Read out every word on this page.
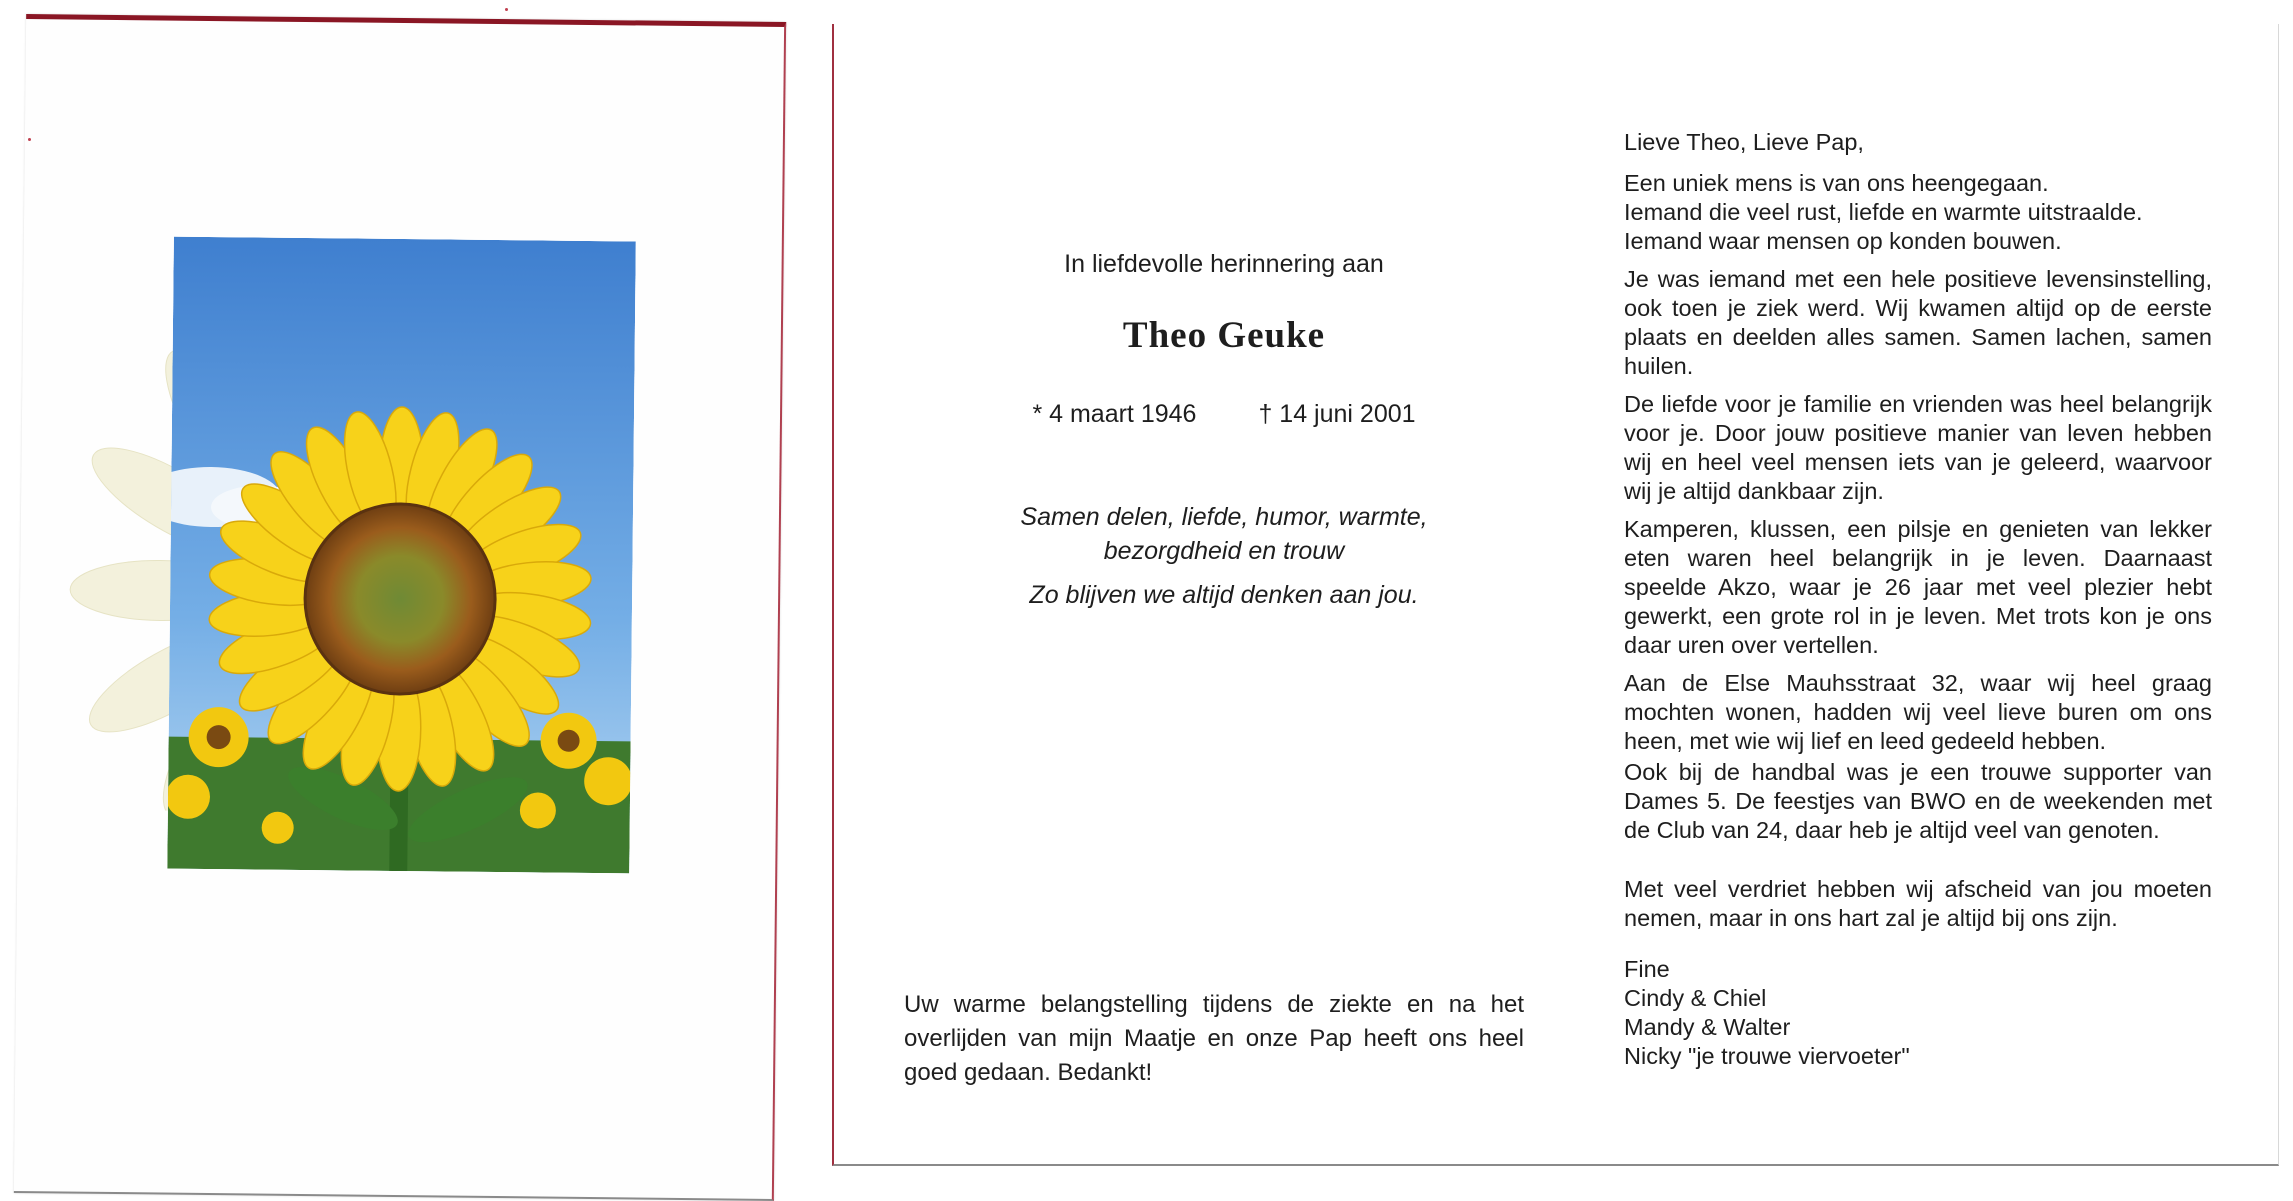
In liefdevolle herinnering aan
Theo Geuke
* 4 maart 1946 † 14 juni 2001

Samen delen, liefde, humor, warmte,

bezorgdheid en trouw

Zo blijven we altijd denken aan jou.

Uw warme belangstelling tijdens de ziekte en na het overlijden van mijn Maatje en onze Pap heeft ons heel goed gedaan. Bedankt!

Lieve Theo, Lieve Pap,

Een uniek mens is van ons heengegaan.
Iemand die veel rust, liefde en warmte uitstraalde.
Iemand waar mensen op konden bouwen.

Je was iemand met een hele positieve levensinstelling, ook toen je ziek werd. Wij kwamen altijd op de eerste plaats en deelden alles samen. Samen lachen, samen huilen.

De liefde voor je familie en vrienden was heel belangrijk voor je. Door jouw positieve manier van leven hebben wij en heel veel mensen iets van je geleerd, waarvoor wij je altijd dankbaar zijn.

Kamperen, klussen, een pilsje en genieten van lekker eten waren heel belangrijk in je leven. Daarnaast speelde Akzo, waar je 26 jaar met veel plezier hebt gewerkt, een grote rol in je leven. Met trots kon je ons daar uren over vertellen.

Aan de Else Mauhsstraat 32, waar wij heel graag mochten wonen, hadden wij veel lieve buren om ons heen, met wie wij lief en leed gedeeld hebben.

Ook bij de handbal was je een trouwe supporter van Dames 5. De feestjes van BWO en de weekenden met de Club van 24, daar heb je altijd veel van genoten.

Met veel verdriet hebben wij afscheid van jou moeten nemen, maar in ons hart zal je altijd bij ons zijn.

Fine
Cindy & Chiel
Mandy & Walter
Nicky "je trouwe viervoeter"
